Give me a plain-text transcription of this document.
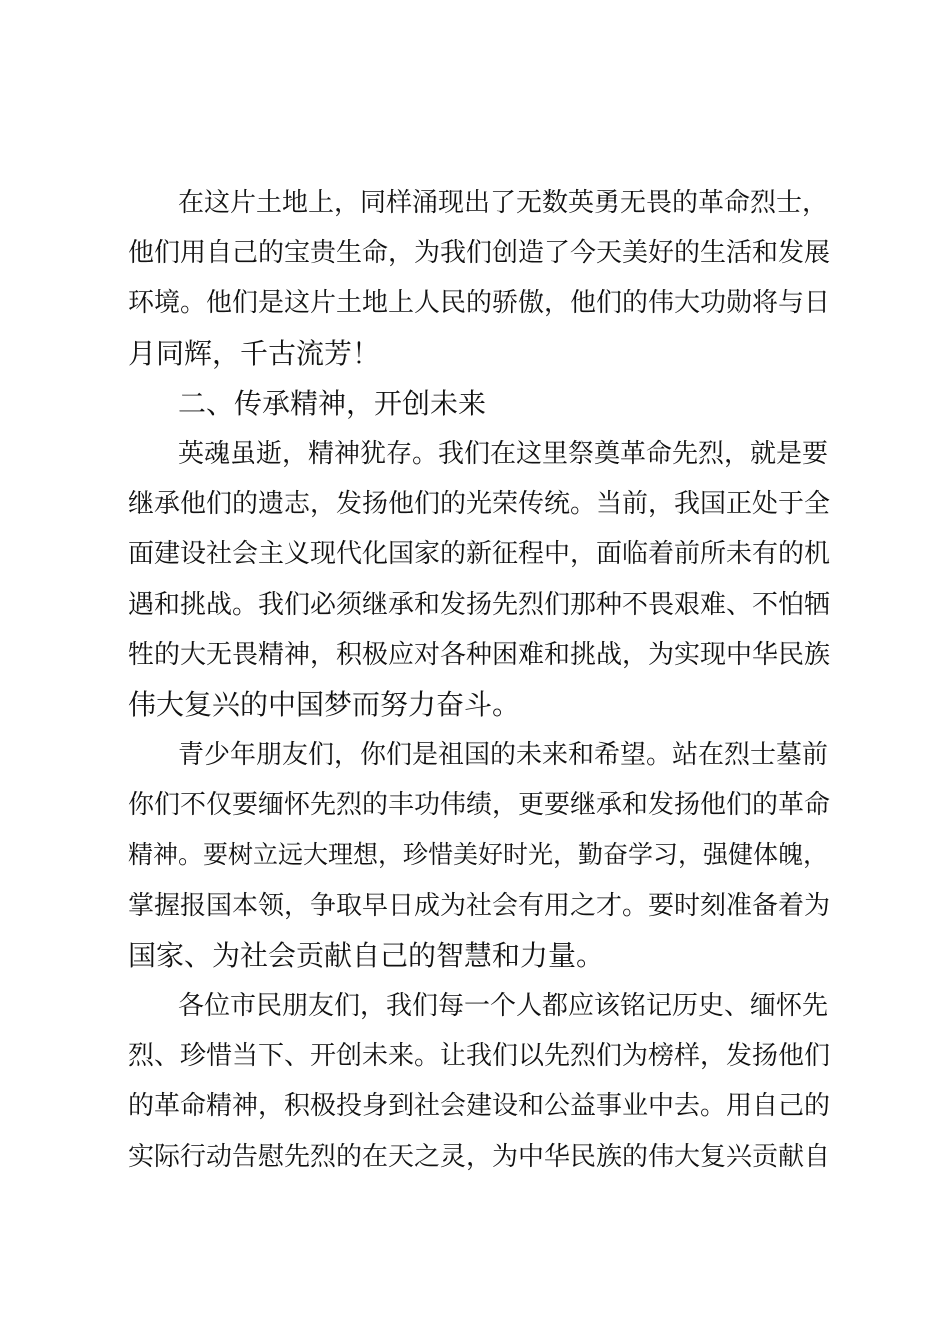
在这片土地上，同样涌现出了无数英勇无畏的革命烈士，
他们用自己的宝贵生命，为我们创造了今天美好的生活和发展
环境。他们是这片土地上人民的骄傲，他们的伟大功勋将与日
月同辉，千古流芳！
二、传承精神，开创未来
英魂虽逝，精神犹存。我们在这里祭奠革命先烈，就是要
继承他们的遗志，发扬他们的光荣传统。当前，我国正处于全
面建设社会主义现代化国家的新征程中，面临着前所未有的机
遇和挑战。我们必须继承和发扬先烈们那种不畏艰难、不怕牺
牲的大无畏精神，积极应对各种困难和挑战，为实现中华民族
伟大复兴的中国梦而努力奋斗。
青少年朋友们，你们是祖国的未来和希望。站在烈士墓前
你们不仅要缅怀先烈的丰功伟绩，更要继承和发扬他们的革命
精神。要树立远大理想，珍惜美好时光，勤奋学习，强健体魄，
掌握报国本领，争取早日成为社会有用之才。要时刻准备着为
国家、为社会贡献自己的智慧和力量。
各位市民朋友们，我们每一个人都应该铭记历史、缅怀先
烈、珍惜当下、开创未来。让我们以先烈们为榜样，发扬他们
的革命精神，积极投身到社会建设和公益事业中去。用自己的
实际行动告慰先烈的在天之灵，为中华民族的伟大复兴贡献自
